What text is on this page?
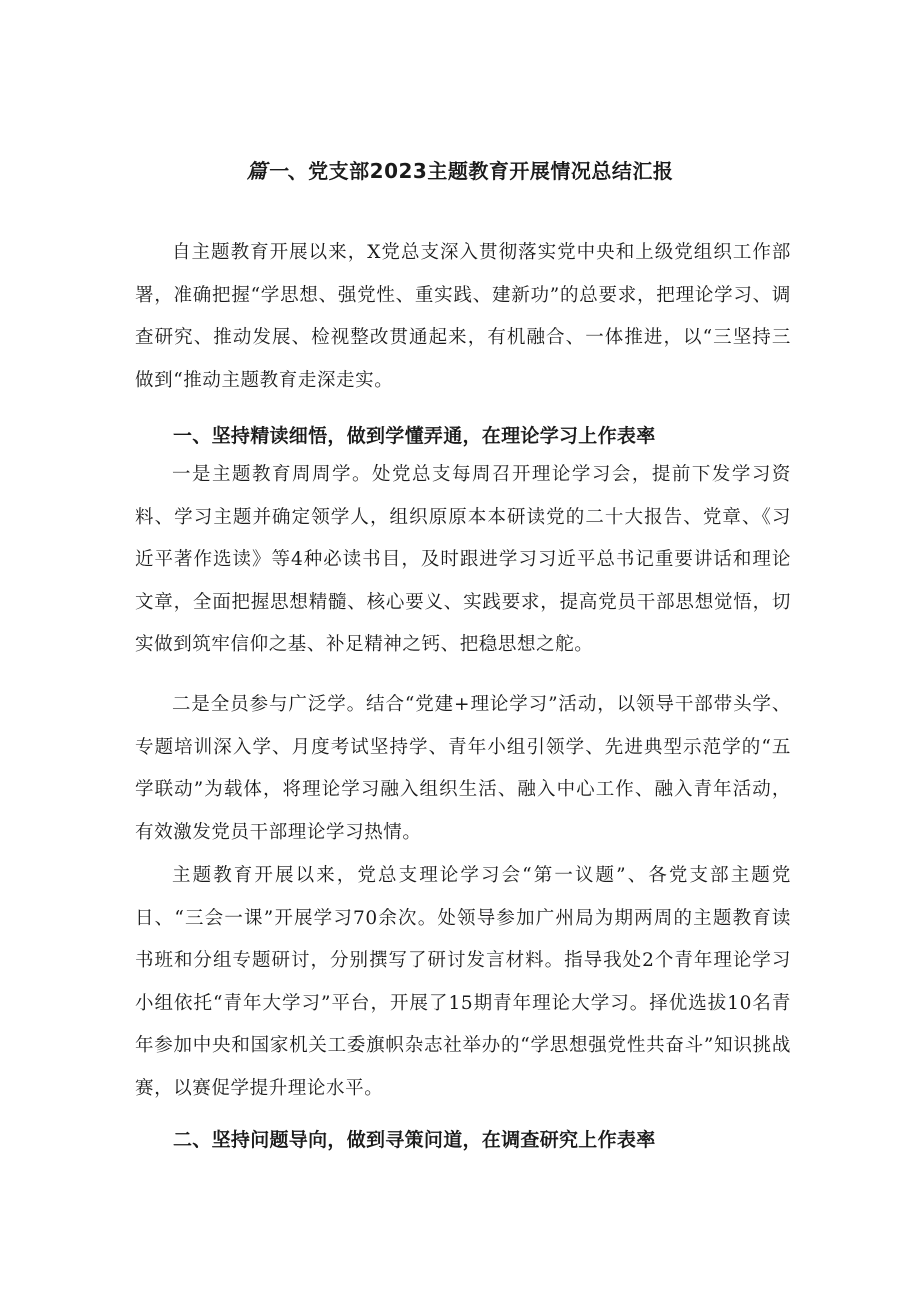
篇一、党支部2023主题教育开展情况总结汇报

自主题教育开展以来，X党总支深入贯彻落实党中央和上级党组织工作部署，准确把握“学思想、强党性、重实践、建新功”的总要求，把理论学习、调查研究、推动发展、检视整改贯通起来，有机融合、一体推进，以“三坚持三做到“推动主题教育走深走实。

一、坚持精读细悟，做到学懂弄通，在理论学习上作表率

一是主题教育周周学。处党总支每周召开理论学习会，提前下发学习资料、学习主题并确定领学人，组织原原本本研读党的二十大报告、党章、《习近平著作选读》等4种必读书目，及时跟进学习习近平总书记重要讲话和理论文章，全面把握思想精髓、核心要义、实践要求，提高党员干部思想觉悟，切实做到筑牢信仰之基、补足精神之钙、把稳思想之舵。

二是全员参与广泛学。结合“党建+理论学习”活动，以领导干部带头学、专题培训深入学、月度考试坚持学、青年小组引领学、先进典型示范学的“五学联动”为载体，将理论学习融入组织生活、融入中心工作、融入青年活动，有效激发党员干部理论学习热情。

主题教育开展以来，党总支理论学习会“第一议题”、各党支部主题党日、“三会一课”开展学习70余次。处领导参加广州局为期两周的主题教育读书班和分组专题研讨，分别撰写了研讨发言材料。指导我处2个青年理论学习小组依托“青年大学习”平台，开展了15期青年理论大学习。择优选拔10名青年参加中央和国家机关工委旗帜杂志社举办的“学思想强党性共奋斗”知识挑战赛，以赛促学提升理论水平。

二、坚持问题导向，做到寻策问道，在调查研究上作表率
